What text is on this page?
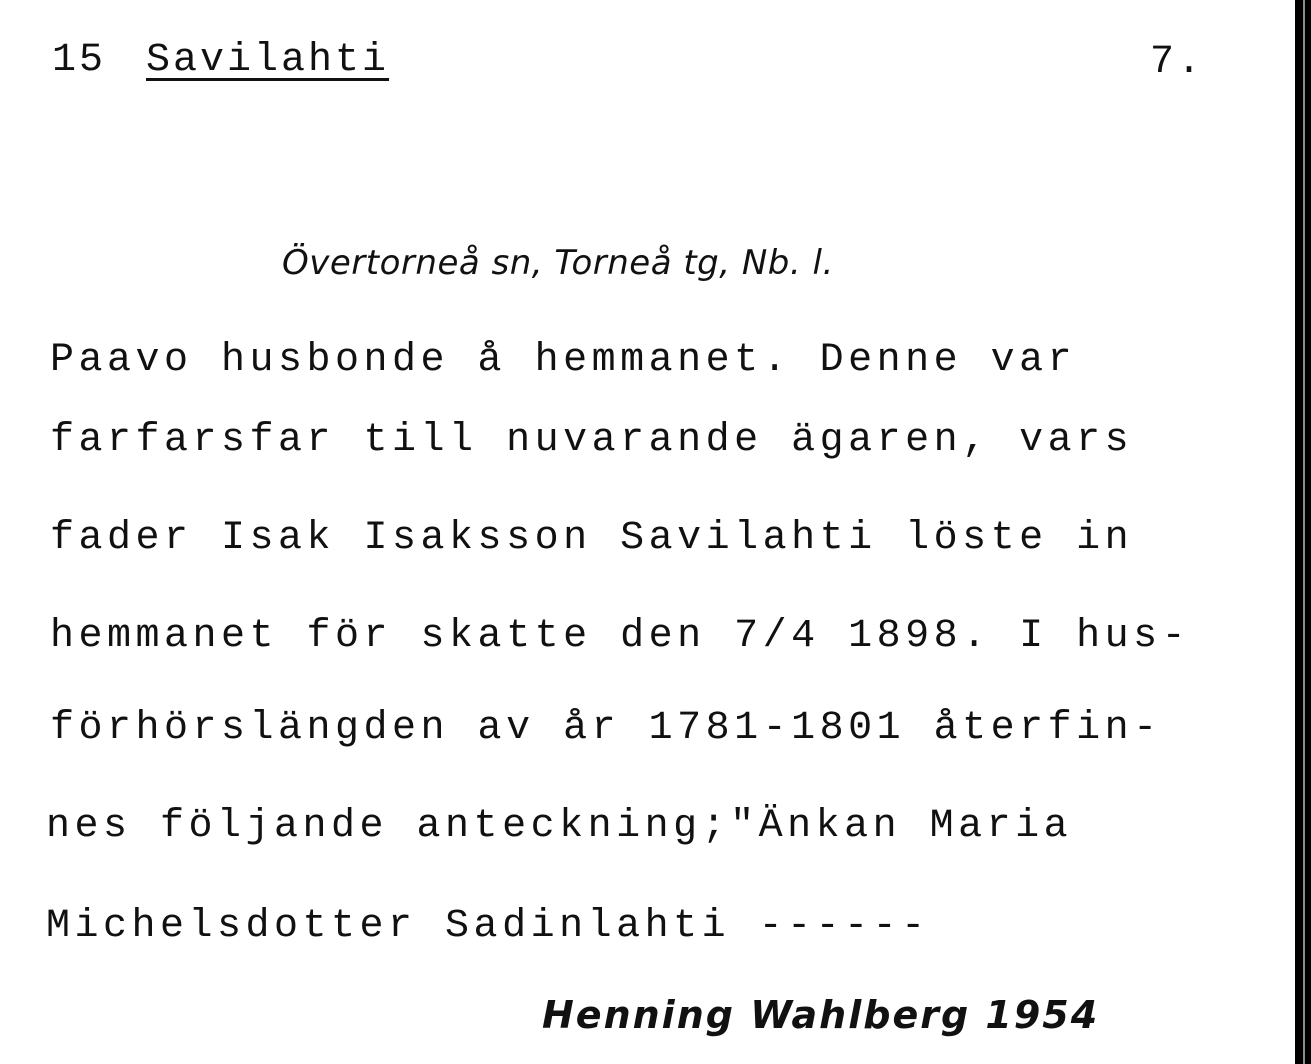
15 Savilahti	7.
Övertorneå sn, Torneå tg, Nb. l.
Paavo husbonde å hemmanet. Denne var
farfarsfar till nuvarande ägaren, vars
fader Isak Isaksson Savilahti löste in
hemmanet för skatte den 7/4 1898. I hus-
förhörslängden av år 1781-1801 återfin-
nes följande anteckning;"Änkan Maria
Michelsdotter Sadinlahti ------
Henning Wahlberg 1954
